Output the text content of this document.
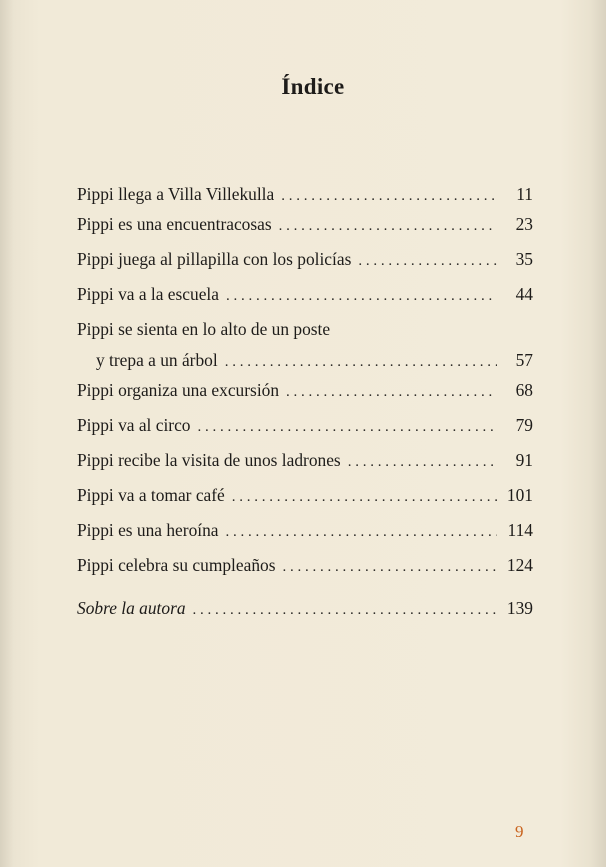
Índice
Pippi llega a Villa Villekulla . . .	11
Pippi es una encuentracosas . . .	23
Pippi juega al pillapilla con los policías . . .	35
Pippi va a la escuela . . .	44
Pippi se sienta en lo alto de un poste
y trepa a un árbol . . .	57
Pippi organiza una excursión . . .	68
Pippi va al circo . . .	79
Pippi recibe la visita de unos ladrones . . .	91
Pippi va a tomar café . . .	101
Pippi es una heroína . . .	114
Pippi celebra su cumpleaños . . .	124
Sobre la autora . . .	139
9
